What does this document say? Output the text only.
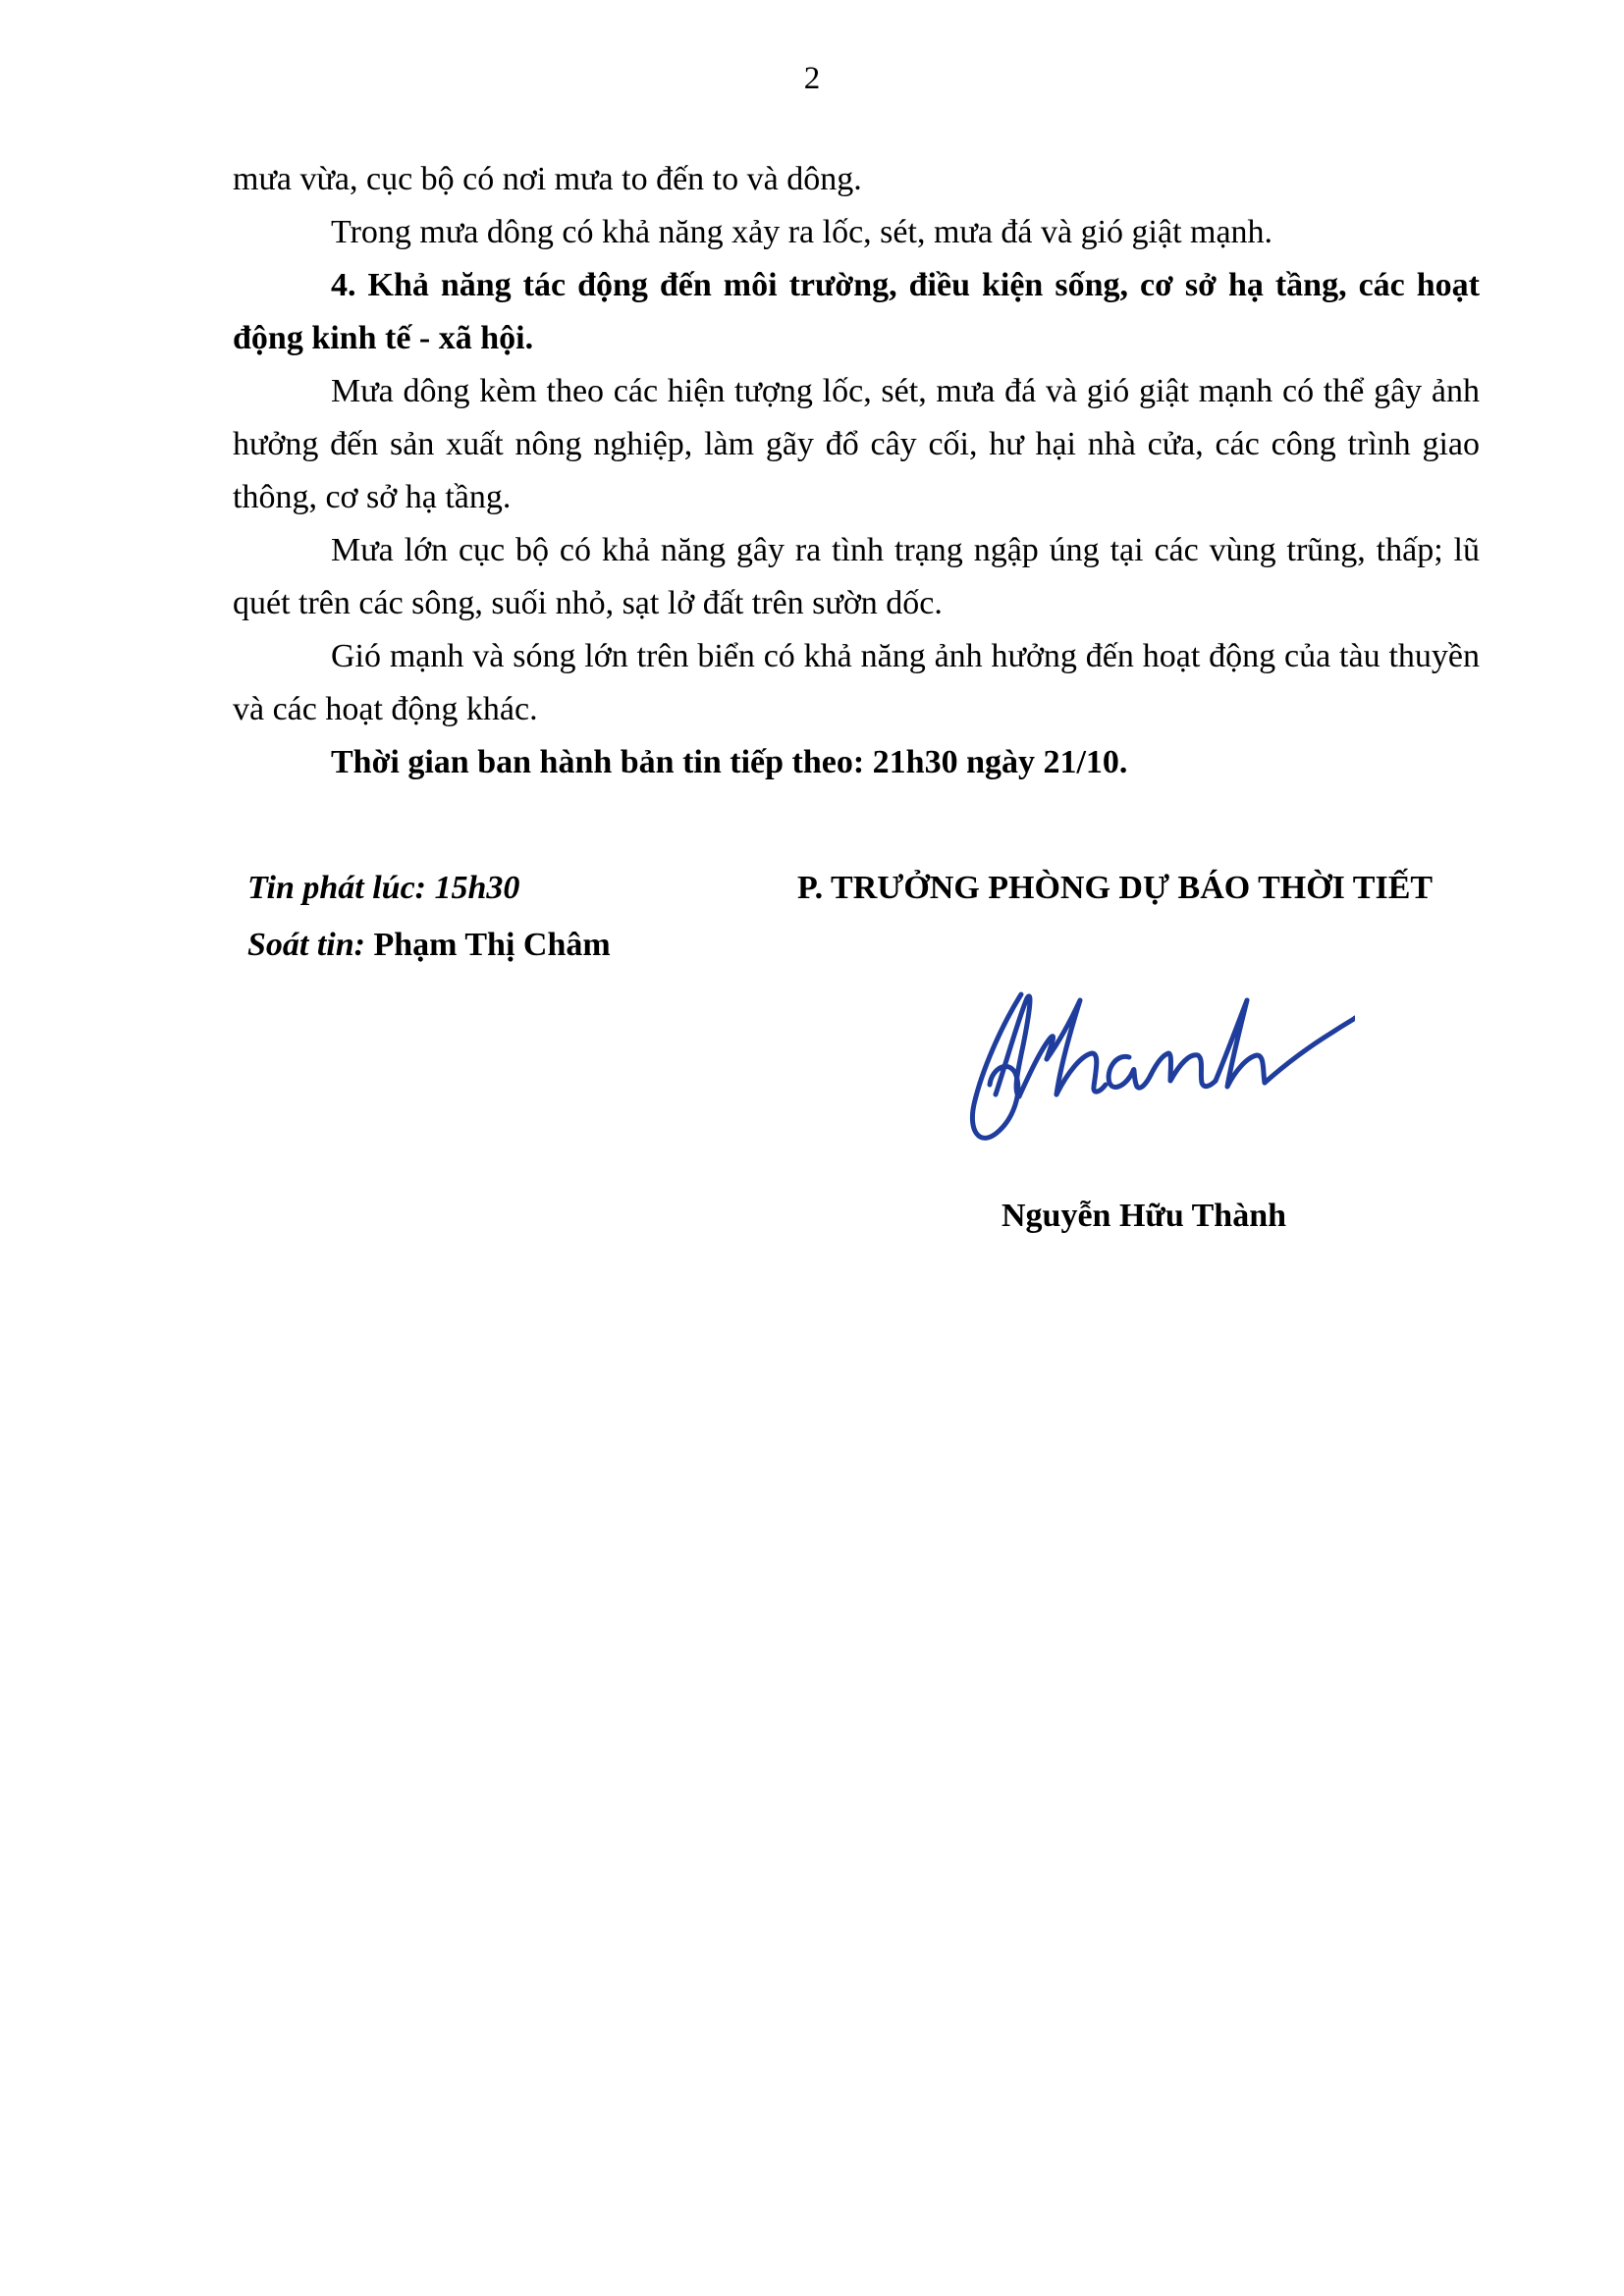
2

mưa vừa, cục bộ có nơi mưa to đến to và dông.

Trong mưa dông có khả năng xảy ra lốc, sét, mưa đá và gió giật mạnh.

4. Khả năng tác động đến môi trường, điều kiện sống, cơ sở hạ tầng, các hoạt động kinh tế - xã hội.

Mưa dông kèm theo các hiện tượng lốc, sét, mưa đá và gió giật mạnh có thể gây ảnh hưởng đến sản xuất nông nghiệp, làm gãy đổ cây cối, hư hại nhà cửa, các công trình giao thông, cơ sở hạ tầng.

Mưa lớn cục bộ có khả năng gây ra tình trạng ngập úng tại các vùng trũng, thấp; lũ quét trên các sông, suối nhỏ, sạt lở đất trên sườn dốc.

Gió mạnh và sóng lớn trên biển có khả năng ảnh hưởng đến hoạt động của tàu thuyền và các hoạt động khác.

Thời gian ban hành bản tin tiếp theo: 21h30 ngày 21/10.

Tin phát lúc: 15h30
Soát tin: Phạm Thị Châm
P. TRƯỞNG PHÒNG DỰ BÁO THỜI TIẾT
Nguyễn Hữu Thành
